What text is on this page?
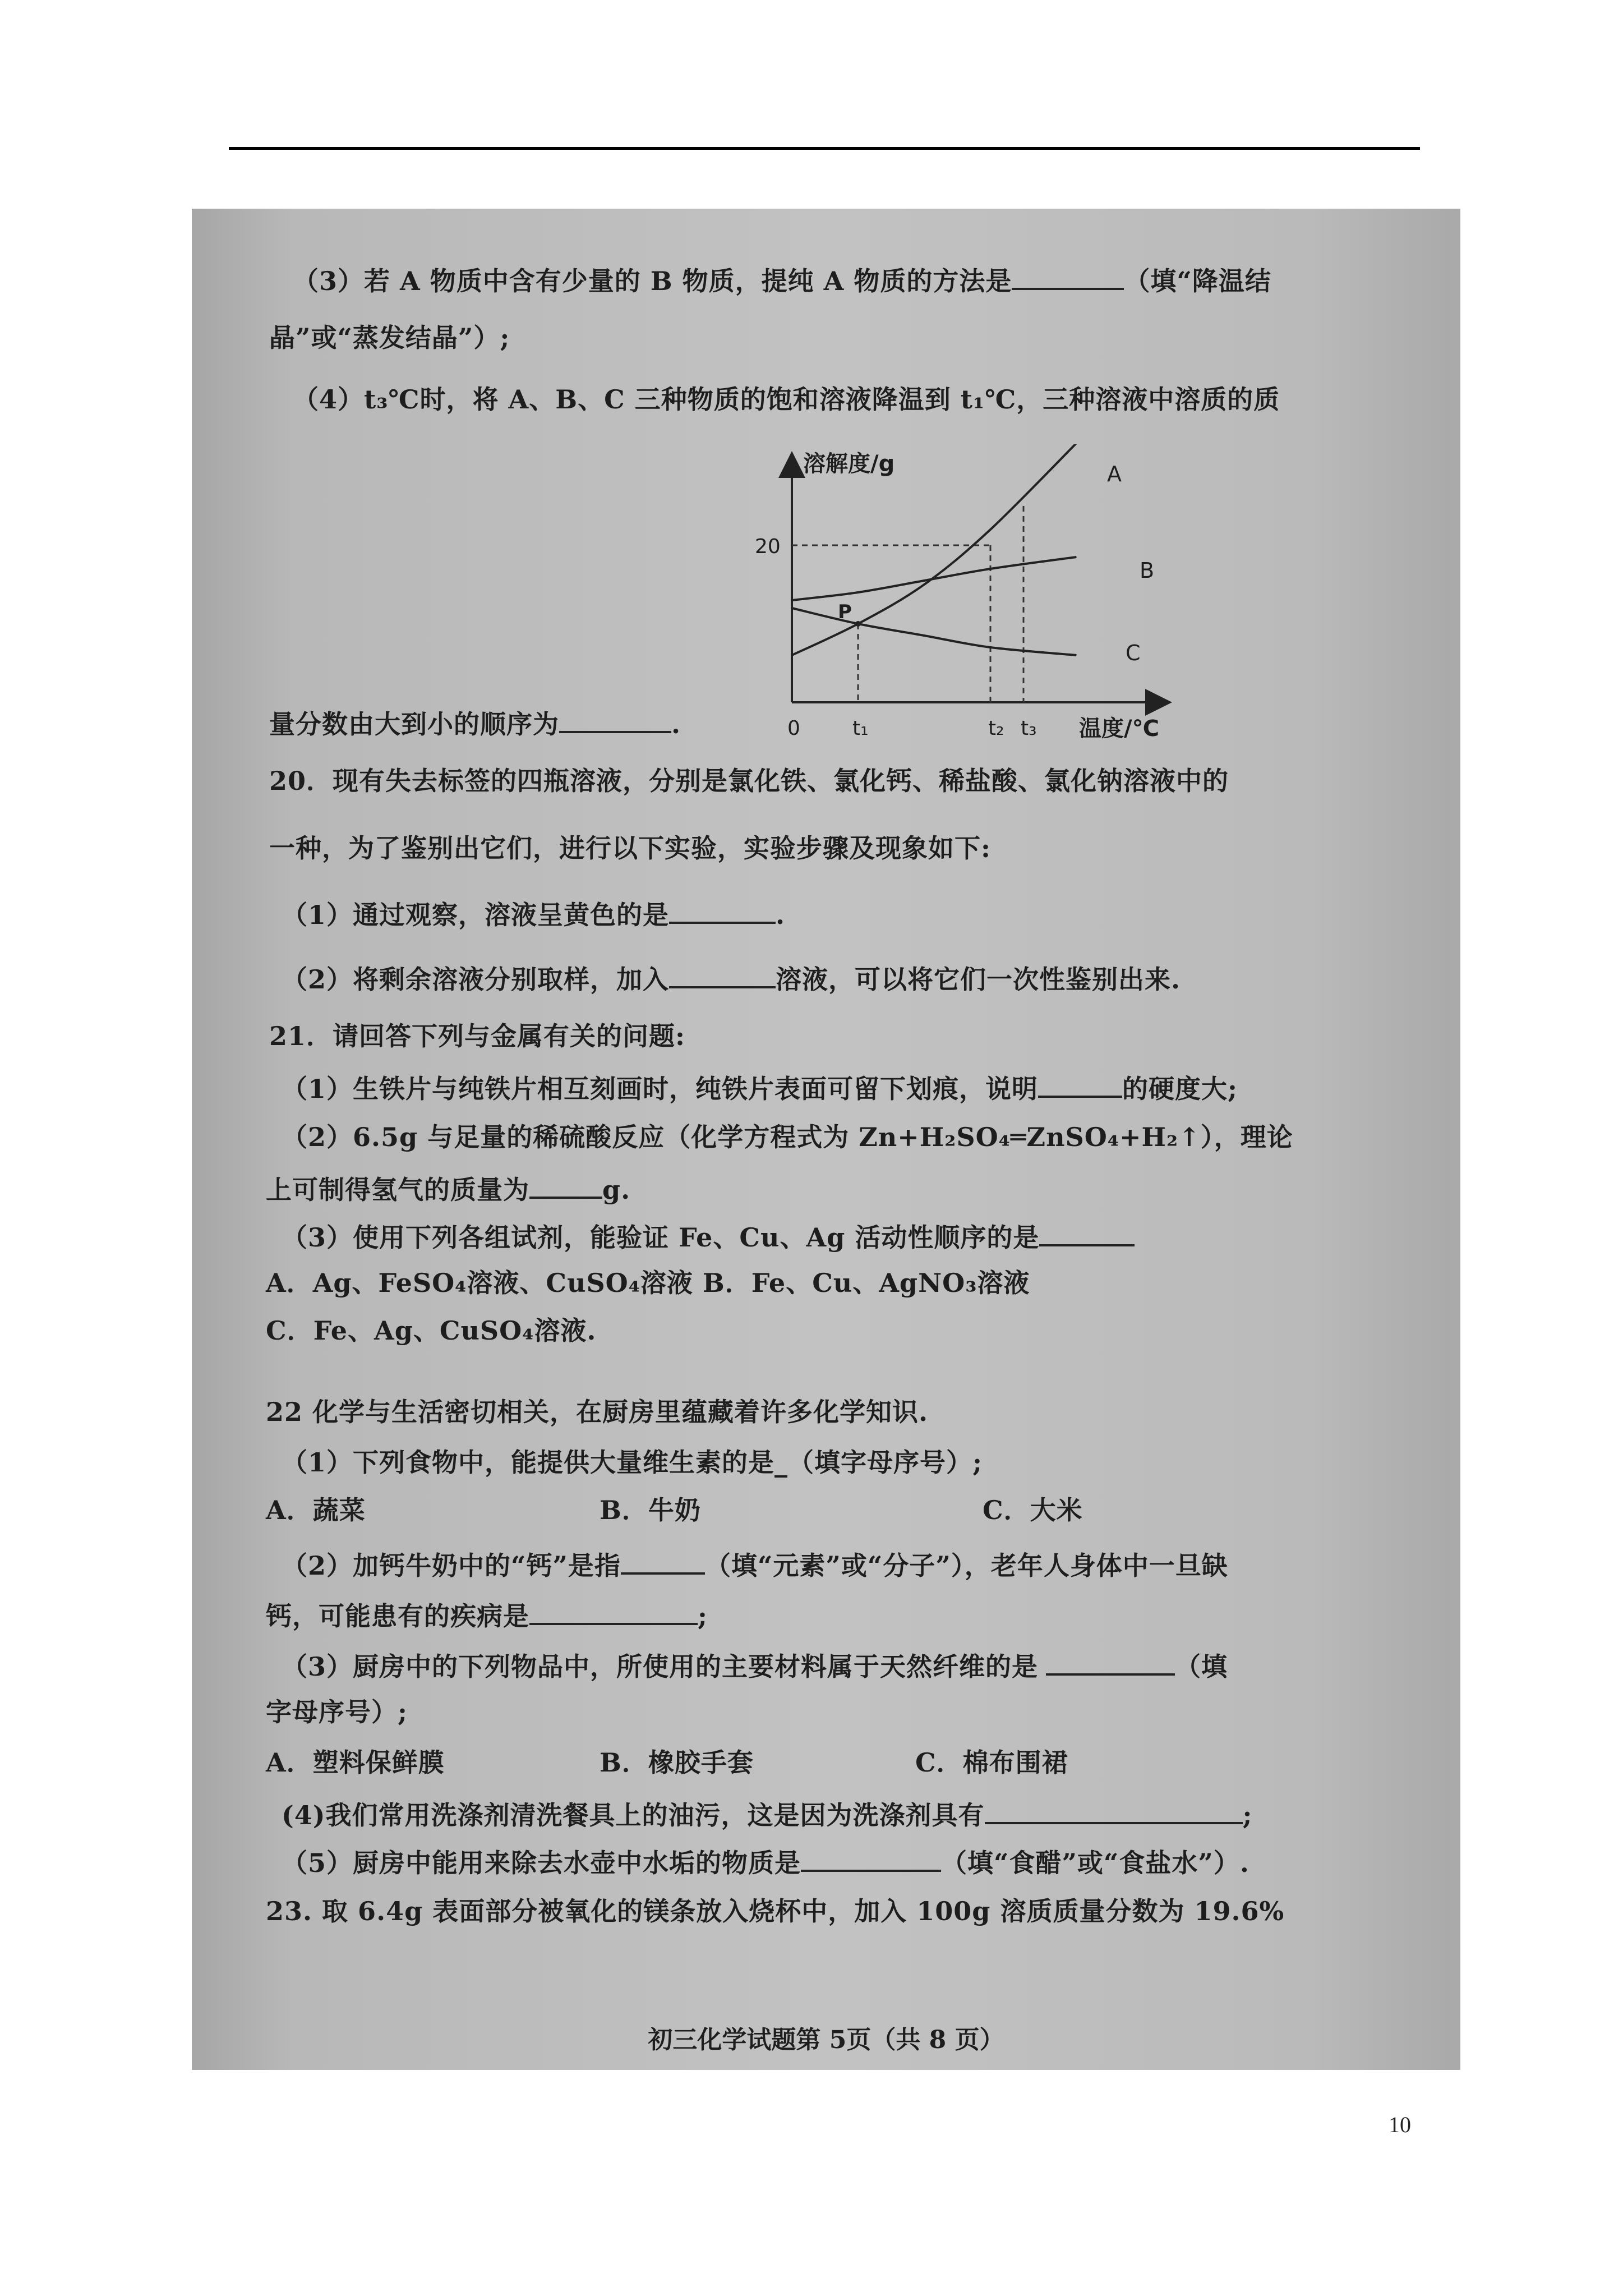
（3）若 A 物质中含有少量的 B 物质，提纯 A 物质的方法是	（填“降温结
晶”或“蒸发结晶”）;
（4）t₃℃时，将 A、B、C 三种物质的饱和溶液降温到 t₁℃，三种溶液中溶质的质
溶解度/g
温度/℃
0
20
t₁	t₂ t₃
P
A
B
C
量分数由大到小的顺序为	.
20．现有失去标签的四瓶溶液，分别是氯化铁、氯化钙、稀盐酸、氯化钠溶液中的
一种，为了鉴别出它们，进行以下实验，实验步骤及现象如下:
（1）通过观察，溶液呈黄色的是	.
（2）将剩余溶液分别取样，加入	溶液，可以将它们一次性鉴别出来.
21．请回答下列与金属有关的问题:
（1）生铁片与纯铁片相互刻画时，纯铁片表面可留下划痕，说明	的硬度大;
（2）6.5g 与足量的稀硫酸反应（化学方程式为 Zn+H₂SO₄═ZnSO₄+H₂↑），理论
上可制得氢气的质量为	g.
（3）使用下列各组试剂，能验证 Fe、Cu、Ag 活动性顺序的是
A．Ag、FeSO₄溶液、CuSO₄溶液 B．Fe、Cu、AgNO₃溶液
C．Fe、Ag、CuSO₄溶液.
22 化学与生活密切相关，在厨房里蕴藏着许多化学知识.
（1）下列食物中，能提供大量维生素的是_（填字母序号）;
A．蔬菜	B．牛奶	C．大米
（2）加钙牛奶中的“钙”是指	（填“元素”或“分子”），老年人身体中一旦缺
钙，可能患有的疾病是	;
（3）厨房中的下列物品中，所使用的主要材料属于天然纤维的是	（填
字母序号）;
A．塑料保鲜膜	B．橡胶手套	C．棉布围裙
(4)我们常用洗涤剂清洗餐具上的油污，这是因为洗涤剂具有	;
（5）厨房中能用来除去水壶中水垢的物质是	（填“食醋”或“食盐水”）.
23. 取 6.4g 表面部分被氧化的镁条放入烧杯中，加入 100g 溶质质量分数为 19.6%
初三化学试题第 5页（共 8 页）
10
